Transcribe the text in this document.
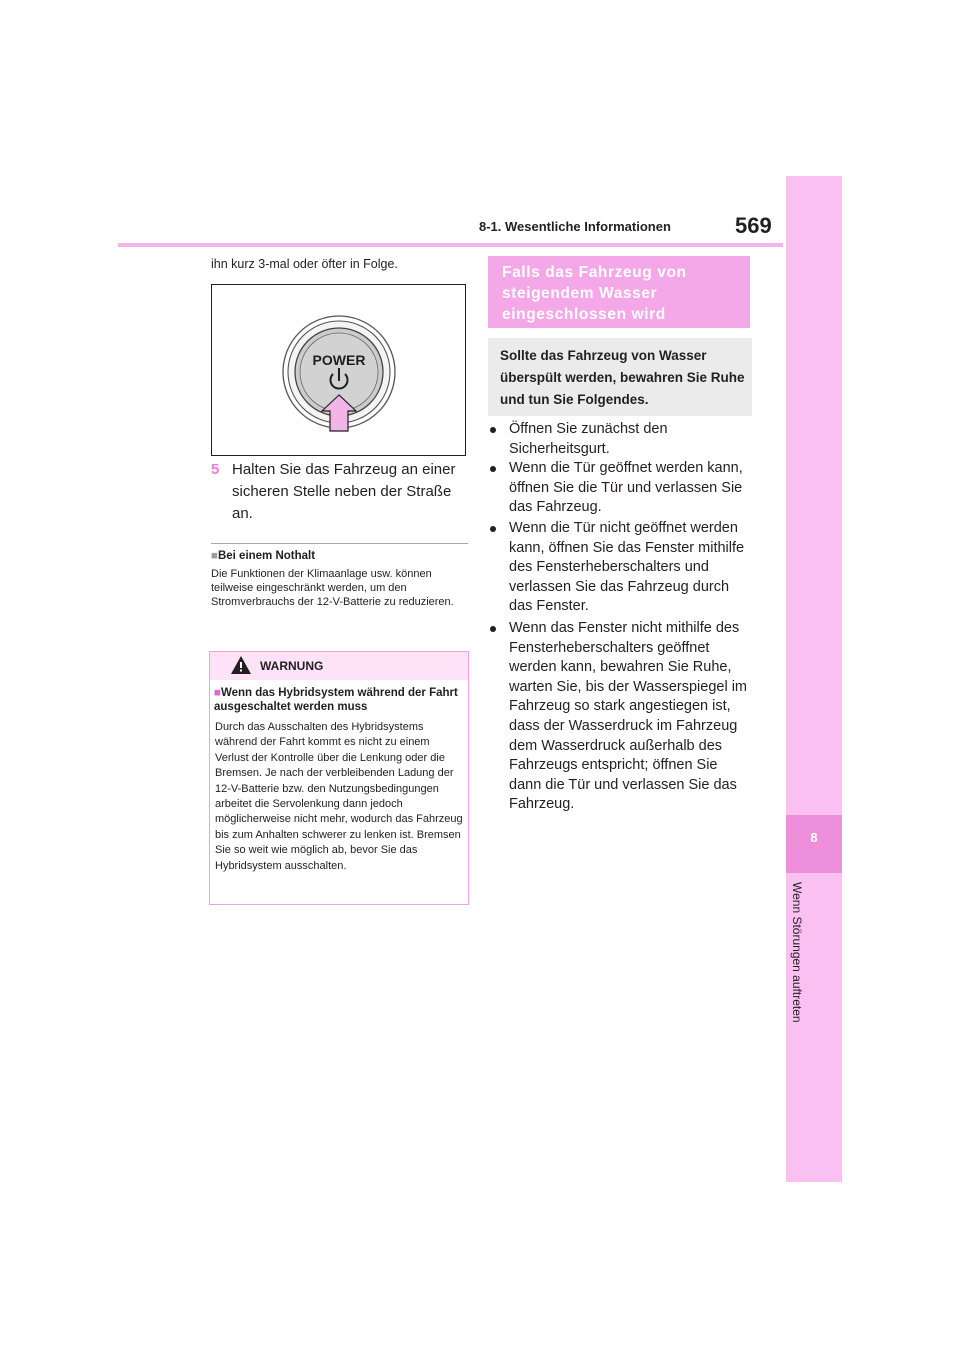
8-1. Wesentliche Informationen	569
8
Wenn Störungen auftreten
ihn kurz 3-mal oder öfter in Folge.
POWER
5 Halten Sie das Fahrzeug an einer sicheren Stelle neben der Straße an.
■Bei einem Nothalt
Die Funktionen der Klimaanlage usw. können teilweise eingeschränkt werden, um den Stromverbrauchs der 12-V-Batterie zu reduzieren.
WARNUNG
■Wenn das Hybridsystem während der Fahrt ausgeschaltet werden muss
Durch das Ausschalten des Hybridsystems während der Fahrt kommt es nicht zu einem Verlust der Kontrolle über die Lenkung oder die Bremsen. Je nach der verbleibenden Ladung der 12-V-Batterie bzw. den Nutzungsbedingungen arbeitet die Servolenkung dann jedoch möglicherweise nicht mehr, wodurch das Fahrzeug bis zum Anhalten schwerer zu lenken ist. Bremsen Sie so weit wie möglich ab, bevor Sie das Hybridsystem ausschalten.
Falls das Fahrzeug von steigendem Wasser eingeschlossen wird
Sollte das Fahrzeug von Wasser überspült werden, bewahren Sie Ruhe und tun Sie Folgendes.
Öffnen Sie zunächst den Sicherheitsgurt.
Wenn die Tür geöffnet werden kann, öffnen Sie die Tür und verlassen Sie das Fahrzeug.
Wenn die Tür nicht geöffnet werden kann, öffnen Sie das Fenster mithilfe des Fensterheberschalters und verlassen Sie das Fahrzeug durch das Fenster.
Wenn das Fenster nicht mithilfe des Fensterheberschalters geöffnet werden kann, bewahren Sie Ruhe, warten Sie, bis der Wasserspiegel im Fahrzeug so stark angestiegen ist, dass der Wasserdruck im Fahrzeug dem Wasserdruck außerhalb des Fahrzeugs entspricht; öffnen Sie dann die Tür und verlassen Sie das Fahrzeug.
